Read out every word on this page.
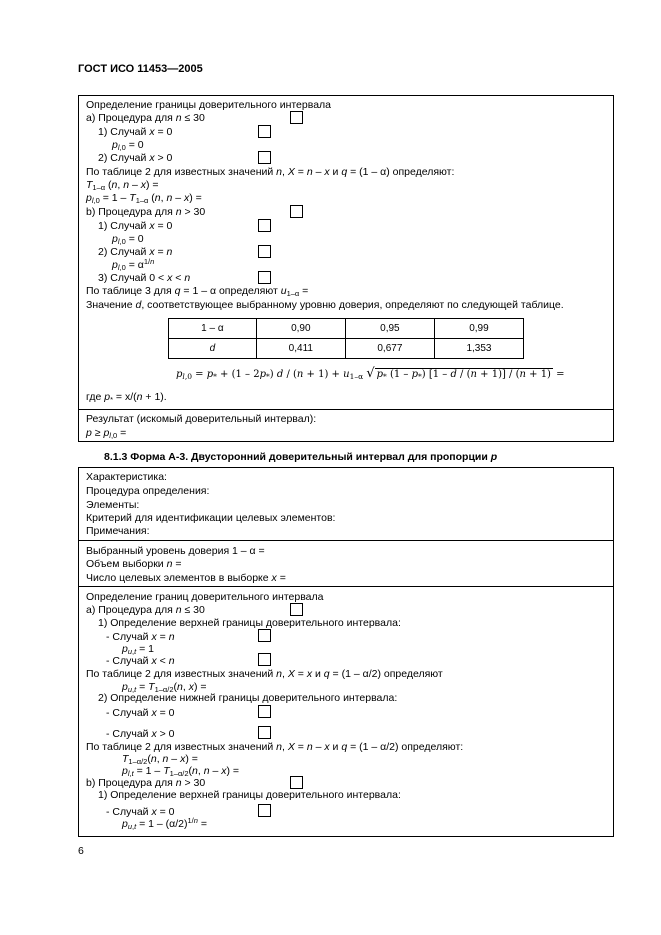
ГОСТ ИСО 11453—2005
Определение границы доверительного интервала
а) Процедура для n ≤ 30
1) Случай x = 0
$p_{l,0} = 0$
2) Случай x > 0
По таблице 2 для известных значений n, X = n – x и q = (1 – α) определяют:
$T_{1-\alpha}$ (n, n – x) =
$p_{l,0} = 1 - T_{1-\alpha}$ (n, n – x) =
b) Процедура для n > 30
1) Случай x = 0
$p_{l,0} = 0$
2) Случай x = n
$p_{l,0} = \alpha^{1/n}$
3) Случай 0 < x < n
По таблице 3 для q = 1 – α определяют $u_{1-\alpha}$ =
Значение d, соответствующее выбранному уровню доверия, определяют по следующей таблице.
1 – α	0,90	0,95	0,99
d	0,411	0,677	1,353
$p_{l,0} = p_* + (1 - 2p_*)$ $d / (n + 1) + u_{1-\alpha}$ √ $p_*$ $(1 - p_*)$ [1 – d / (n + 1)] / (n + 1) =
где $p_* = x/(n + 1)$.
Результат (искомый доверительный интервал):
$p \ge p_{l,0}$ =
8.1.3 Форма А-3. Двусторонний доверительный интервал для пропорции p
Характеристика:
Процедура определения:
Элементы:
Критерий для идентификации целевых элементов:
Примечания:
Выбранный уровень доверия 1 – α =
Объем выборки n =
Число целевых элементов в выборке x =
Определение границ доверительного интервала
а) Процедура для n ≤ 30
1) Определение верхней границы доверительного интервала:
- Случай x = n
$p_{u,t} = 1$
- Случай x < n
По таблице 2 для известных значений n, X = x и q = (1 – α/2) определяют
$p_{u,t} = T_{1-\alpha/2}(n$, x) =
2) Определение нижней границы доверительного интервала:
- Случай x = 0
- Случай x > 0
По таблице 2 для известных значений n, X = n – x и q = (1 – α/2) определяют:
$T_{1-\alpha/2}(n$, n – x) =
$p_{l,t} = 1 - T_{1-\alpha/2}(n$, n – x) =
b) Процедура для n > 30
1) Определение верхней границы доверительного интервала:
- Случай x = 0
$p_{u,t} = 1 - (\alpha/2)^{1/n}$ =
6
